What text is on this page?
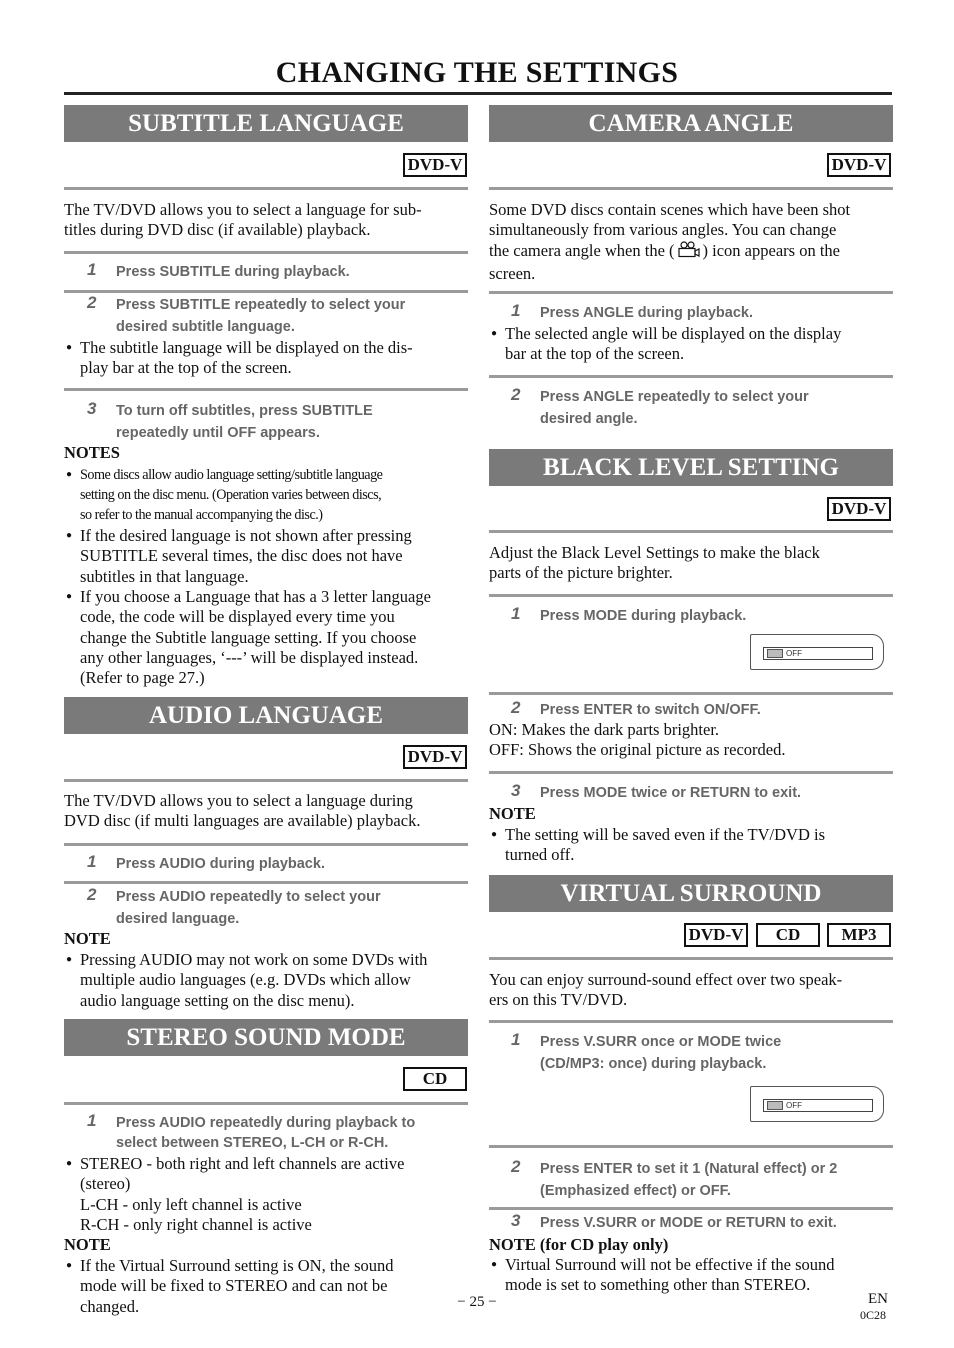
CHANGING THE SETTINGS
SUBTITLE LANGUAGE
DVD-V
The TV/DVD allows you to select a language for sub-
titles during DVD disc (if available) playback.
1 Press SUBTITLE during playback.
2 Press SUBTITLE repeatedly to select your
desired subtitle language.
● The subtitle language will be displayed on the dis-
play bar at the top of the screen.
3 To turn off subtitles, press SUBTITLE
repeatedly until OFF appears.
NOTES
● Some discs allow audio language setting/subtitle language
setting on the disc menu. (Operation varies between discs,
so refer to the manual accompanying the disc.)
● If the desired language is not shown after pressing
SUBTITLE several times, the disc does not have
subtitles in that language.
● If you choose a Language that has a 3 letter language
code, the code will be displayed every time you
change the Subtitle language setting. If you choose
any other languages, ‘---’ will be displayed instead.
(Refer to page 27.)
AUDIO LANGUAGE
DVD-V
The TV/DVD allows you to select a language during
DVD disc (if multi languages are available) playback.
1 Press AUDIO during playback.
2 Press AUDIO repeatedly to select your
desired language.
NOTE
● Pressing AUDIO may not work on some DVDs with
multiple audio languages (e.g. DVDs which allow
audio language setting on the disc menu).
STEREO SOUND MODE
CD
1 Press AUDIO repeatedly during playback to
select between STEREO, L-CH or R-CH.
● STEREO - both right and left channels are active
(stereo)
L-CH - only left channel is active
R-CH - only right channel is active
NOTE
● If the Virtual Surround setting is ON, the sound
mode will be fixed to STEREO and can not be
changed.
CAMERA ANGLE
DVD-V
Some DVD discs contain scenes which have been shot
simultaneously from various angles. You can change
the camera angle when the ( ) icon appears on the
screen.
1 Press ANGLE during playback.
● The selected angle will be displayed on the display
bar at the top of the screen.
2 Press ANGLE repeatedly to select your
desired angle.
BLACK LEVEL SETTING
DVD-V
Adjust the Black Level Settings to make the black
parts of the picture brighter.
1 Press MODE during playback.
OFF
2 Press ENTER to switch ON/OFF.
ON: Makes the dark parts brighter.
OFF: Shows the original picture as recorded.
3 Press MODE twice or RETURN to exit.
NOTE
● The setting will be saved even if the TV/DVD is
turned off.
VIRTUAL SURROUND
DVD-V	CD	MP3
You can enjoy surround-sound effect over two speak-
ers on this TV/DVD.
1 Press V.SURR once or MODE twice
(CD/MP3: once) during playback.
OFF
2 Press ENTER to set it 1 (Natural effect) or 2
(Emphasized effect) or OFF.
3 Press V.SURR or MODE or RETURN to exit.
NOTE (for CD play only)
● Virtual Surround will not be effective if the sound
mode is set to something other than STEREO.
− 25 −	EN
0C28
